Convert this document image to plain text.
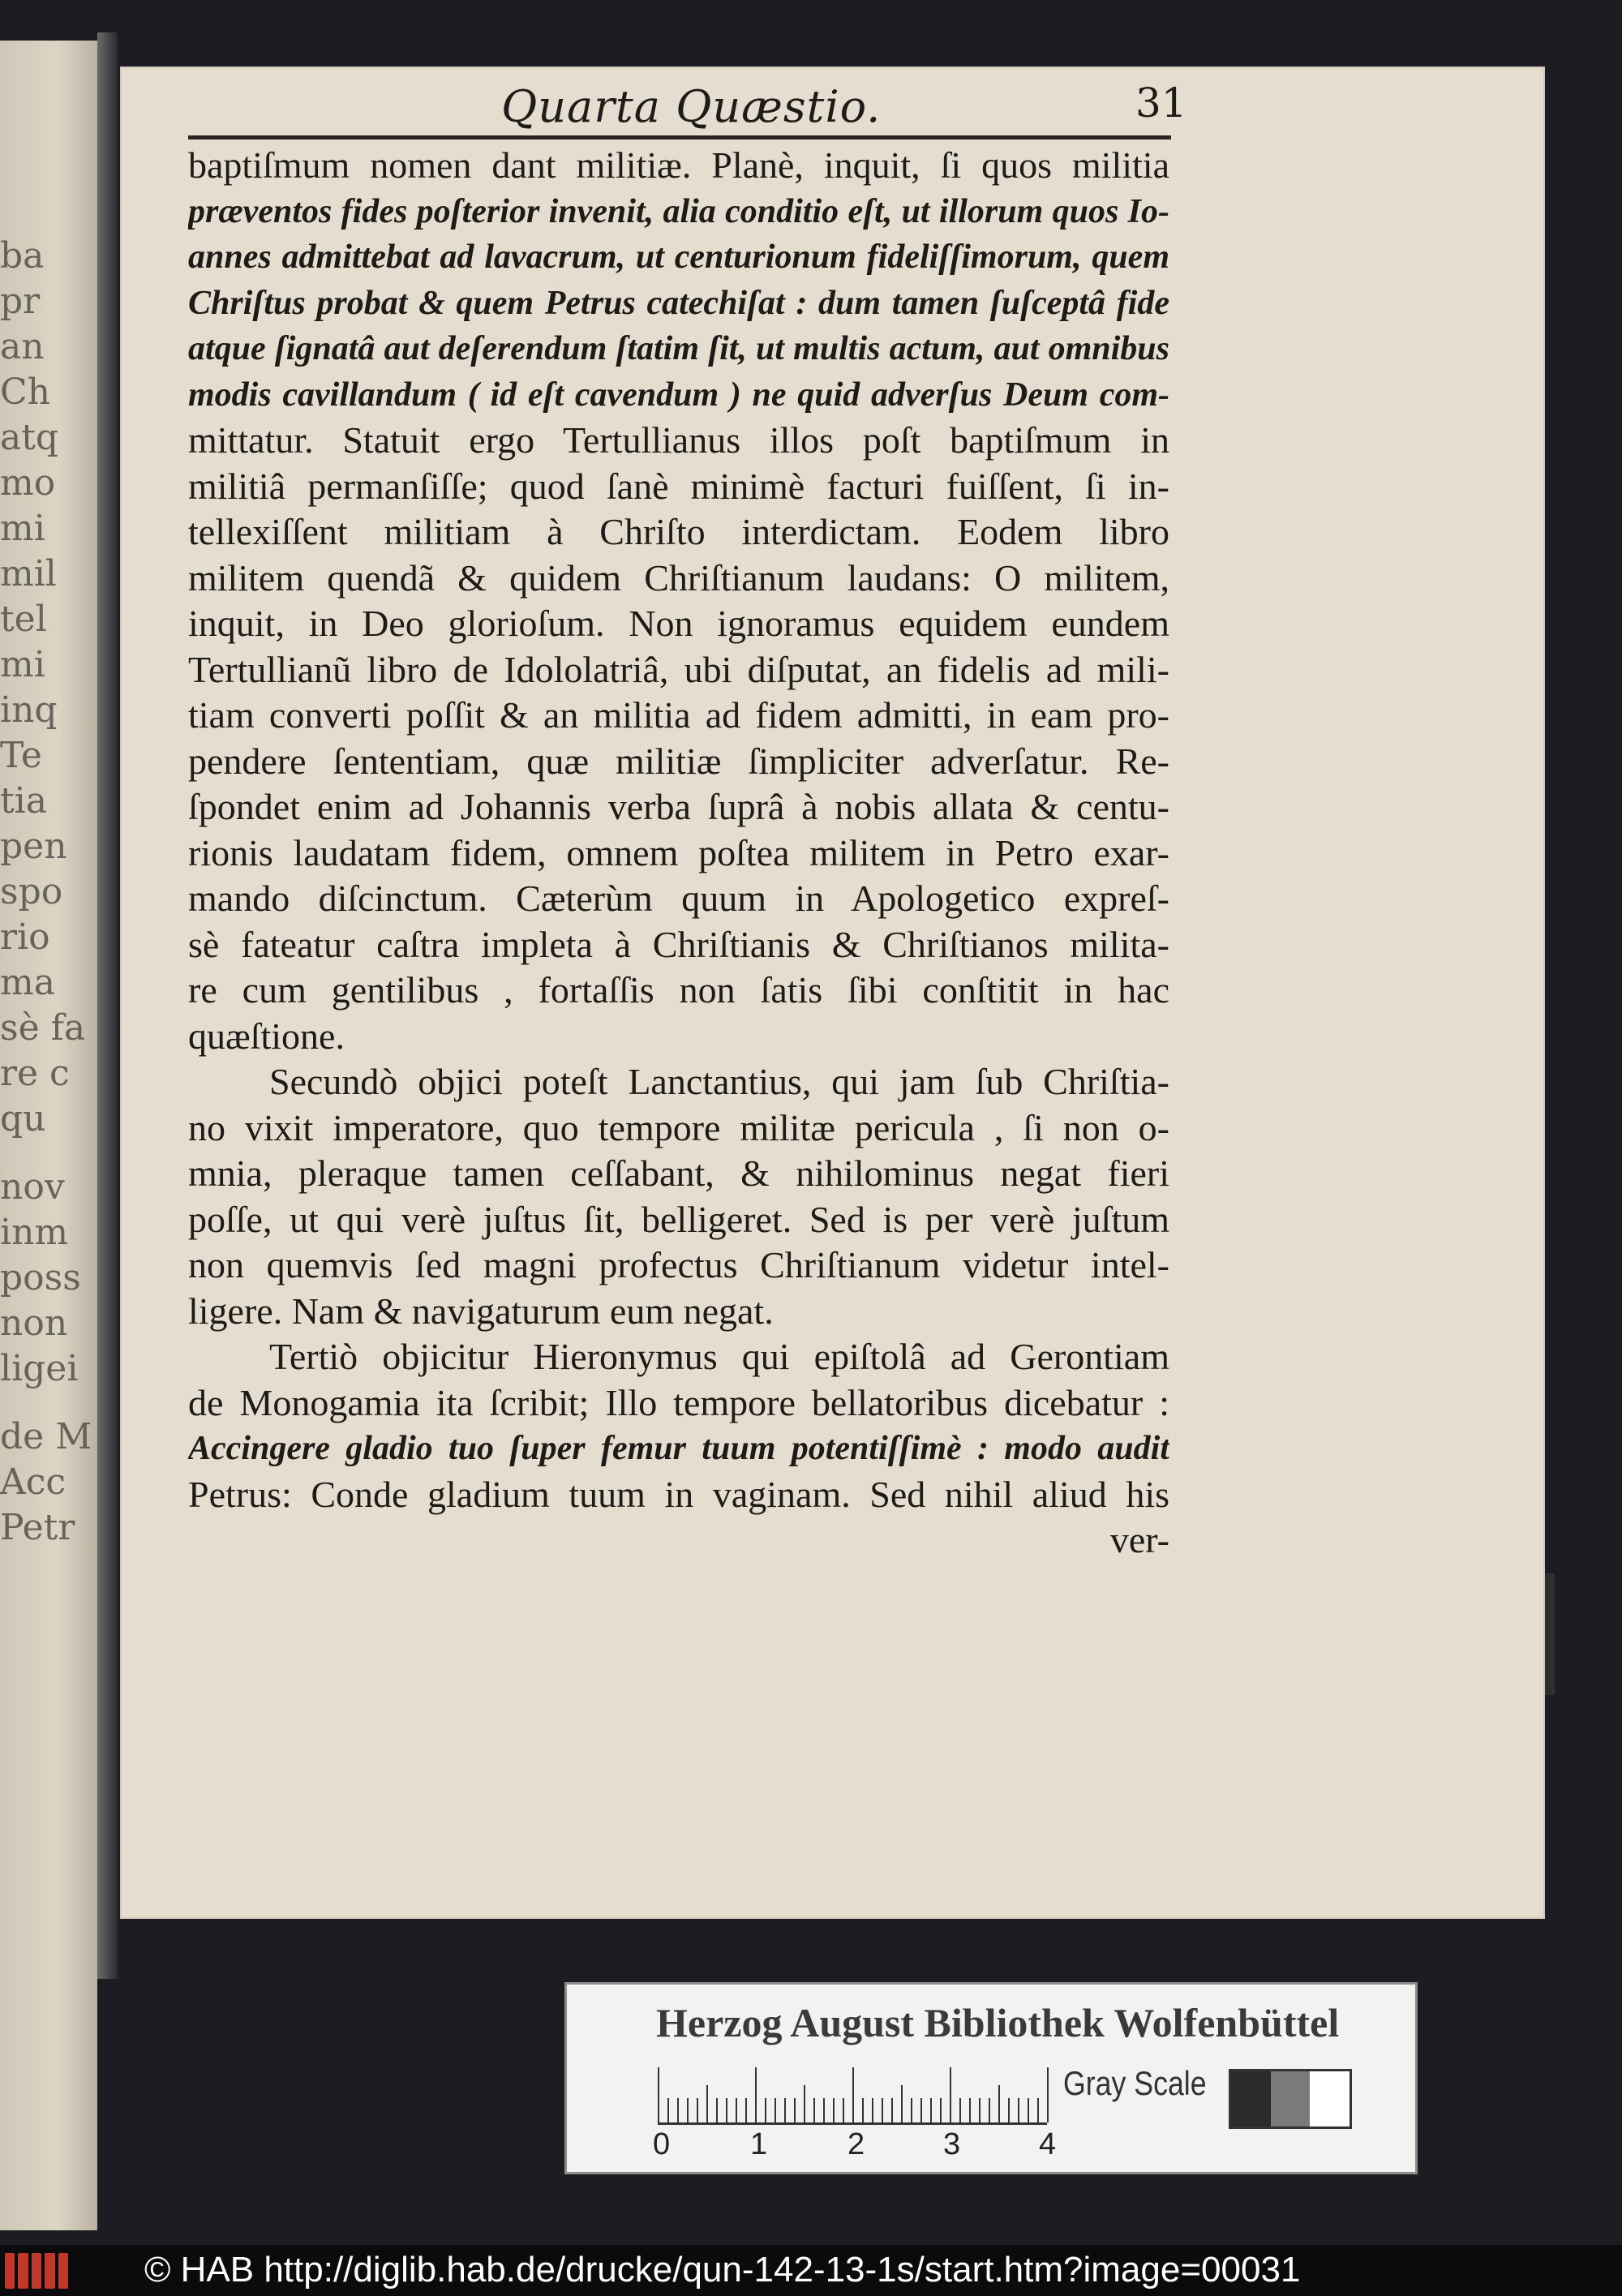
ba
pr
an
Ch
atq
mo
mi
mil
tel
mi
inq
Te
tia
pen
spo
rio
ma
sè fa
re c
qu
nov
inm
poss
non
ligei
de M
Acc
Petr
Quarta Quæstio.	31
baptiſmum nomen dant militiæ. Planè, inquit, ſi quos militia
præventos fides poſterior invenit, alia conditio eſt, ut illorum quos Io-
annes admittebat ad lavacrum, ut centurionum fideliſſimorum, quem
Chriſtus probat & quem Petrus catechiſat : dum tamen ſuſceptâ fide
atque ſignatâ aut deſerendum ſtatim ſit, ut multis actum, aut omnibus
modis cavillandum ( id eſt cavendum ) ne quid adverſus Deum com-
mittatur. Statuit ergo Tertullianus illos poſt baptiſmum in
militiâ permanſiſſe; quod ſanè minimè facturi fuiſſent, ſi in-
tellexiſſent militiam à Chriſto interdictam. Eodem libro
militem quendã & quidem Chriſtianum laudans: O militem,
inquit, in Deo glorioſum. Non ignoramus equidem eundem
Tertullianũ libro de Idololatriâ, ubi diſputat, an fidelis ad mili-
tiam converti poſſit & an militia ad fidem admitti, in eam pro-
pendere ſententiam, quæ militiæ ſimpliciter adverſatur. Re-
ſpondet enim ad Johannis verba ſuprâ à nobis allata & centu-
rionis laudatam fidem, omnem poſtea militem in Petro exar-
mando diſcinctum. Cæterùm quum in Apologetico expreſ-
sè fateatur caſtra impleta à Chriſtianis & Chriſtianos milita-
re cum gentilibus , fortaſſis non ſatis ſibi conſtitit in hac
quæſtione.
Secundò objici poteſt Lanctantius, qui jam ſub Chriſtia-
no vixit imperatore, quo tempore militæ pericula , ſi non o-
mnia, pleraque tamen ceſſabant, & nihilominus negat fieri
poſſe, ut qui verè juſtus ſit, belligeret. Sed is per verè juſtum
non quemvis ſed magni profectus Chriſtianum videtur intel-
ligere. Nam & navigaturum eum negat.
Tertiò objicitur Hieronymus qui epiſtolâ ad Gerontiam
de Monogamia ita ſcribit; Illo tempore bellatoribus dicebatur :
Accingere gladio tuo ſuper femur tuum potentiſſimè : modo audit
Petrus: Conde gladium tuum in vaginam. Sed nihil aliud his
ver-
Herzog August Bibliothek Wolfenbüttel
0	1	2	3	4
Gray Scale
© HAB http://diglib.hab.de/drucke/qun-142-13-1s/start.htm?image=00031
